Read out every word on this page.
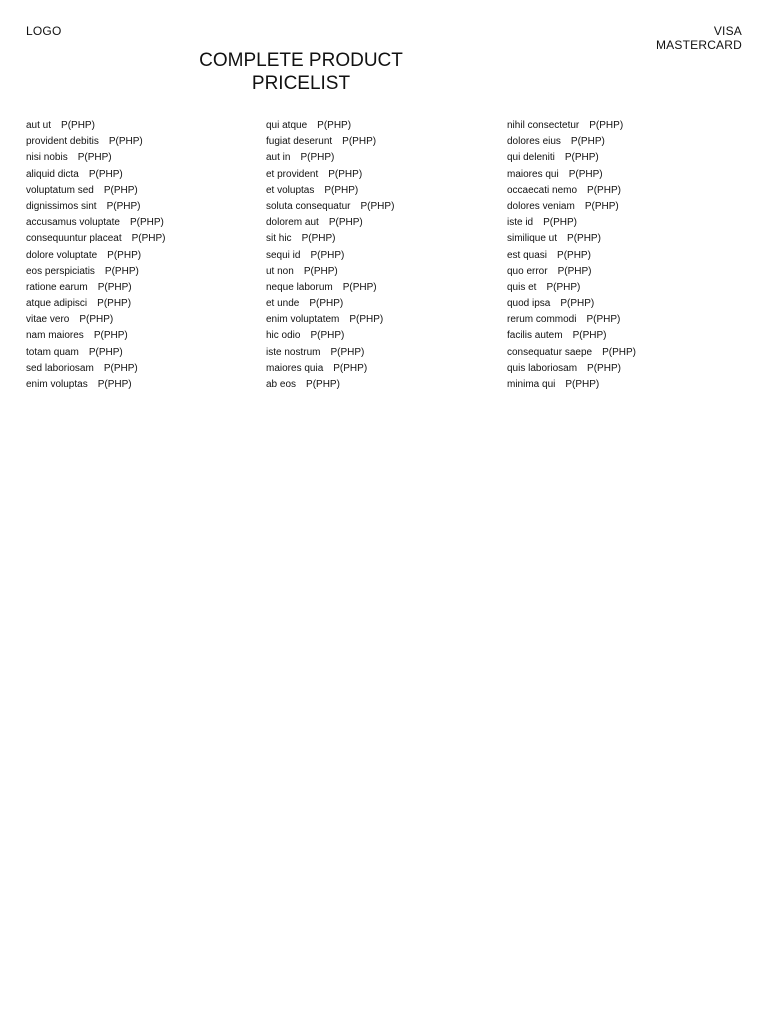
LOGO	VISA
MASTERCARD
COMPLETE PRODUCT
PRICELIST
aut ut P(PHP)
provident debitis P(PHP)
nisi nobis P(PHP)
aliquid dicta P(PHP)
voluptatum sed P(PHP)
dignissimos sint P(PHP)
accusamus voluptate P(PHP)
consequuntur placeat P(PHP)
dolore voluptate P(PHP)
eos perspiciatis P(PHP)
ratione earum P(PHP)
atque adipisci P(PHP)
vitae vero P(PHP)
nam maiores P(PHP)
totam quam P(PHP)
sed laboriosam P(PHP)
enim voluptas P(PHP)
qui atque P(PHP)
fugiat deserunt P(PHP)
aut in P(PHP)
et provident P(PHP)
et voluptas P(PHP)
soluta consequatur P(PHP)
dolorem aut P(PHP)
sit hic P(PHP)
sequi id P(PHP)
ut non P(PHP)
neque laborum P(PHP)
et unde P(PHP)
enim voluptatem P(PHP)
hic odio P(PHP)
iste nostrum P(PHP)
maiores quia P(PHP)
ab eos P(PHP)
nihil consectetur P(PHP)
dolores eius P(PHP)
qui deleniti P(PHP)
maiores qui P(PHP)
occaecati nemo P(PHP)
dolores veniam P(PHP)
iste id P(PHP)
similique ut P(PHP)
est quasi P(PHP)
quo error P(PHP)
quis et P(PHP)
quod ipsa P(PHP)
rerum commodi P(PHP)
facilis autem P(PHP)
consequatur saepe P(PHP)
quis laboriosam P(PHP)
minima qui P(PHP)
